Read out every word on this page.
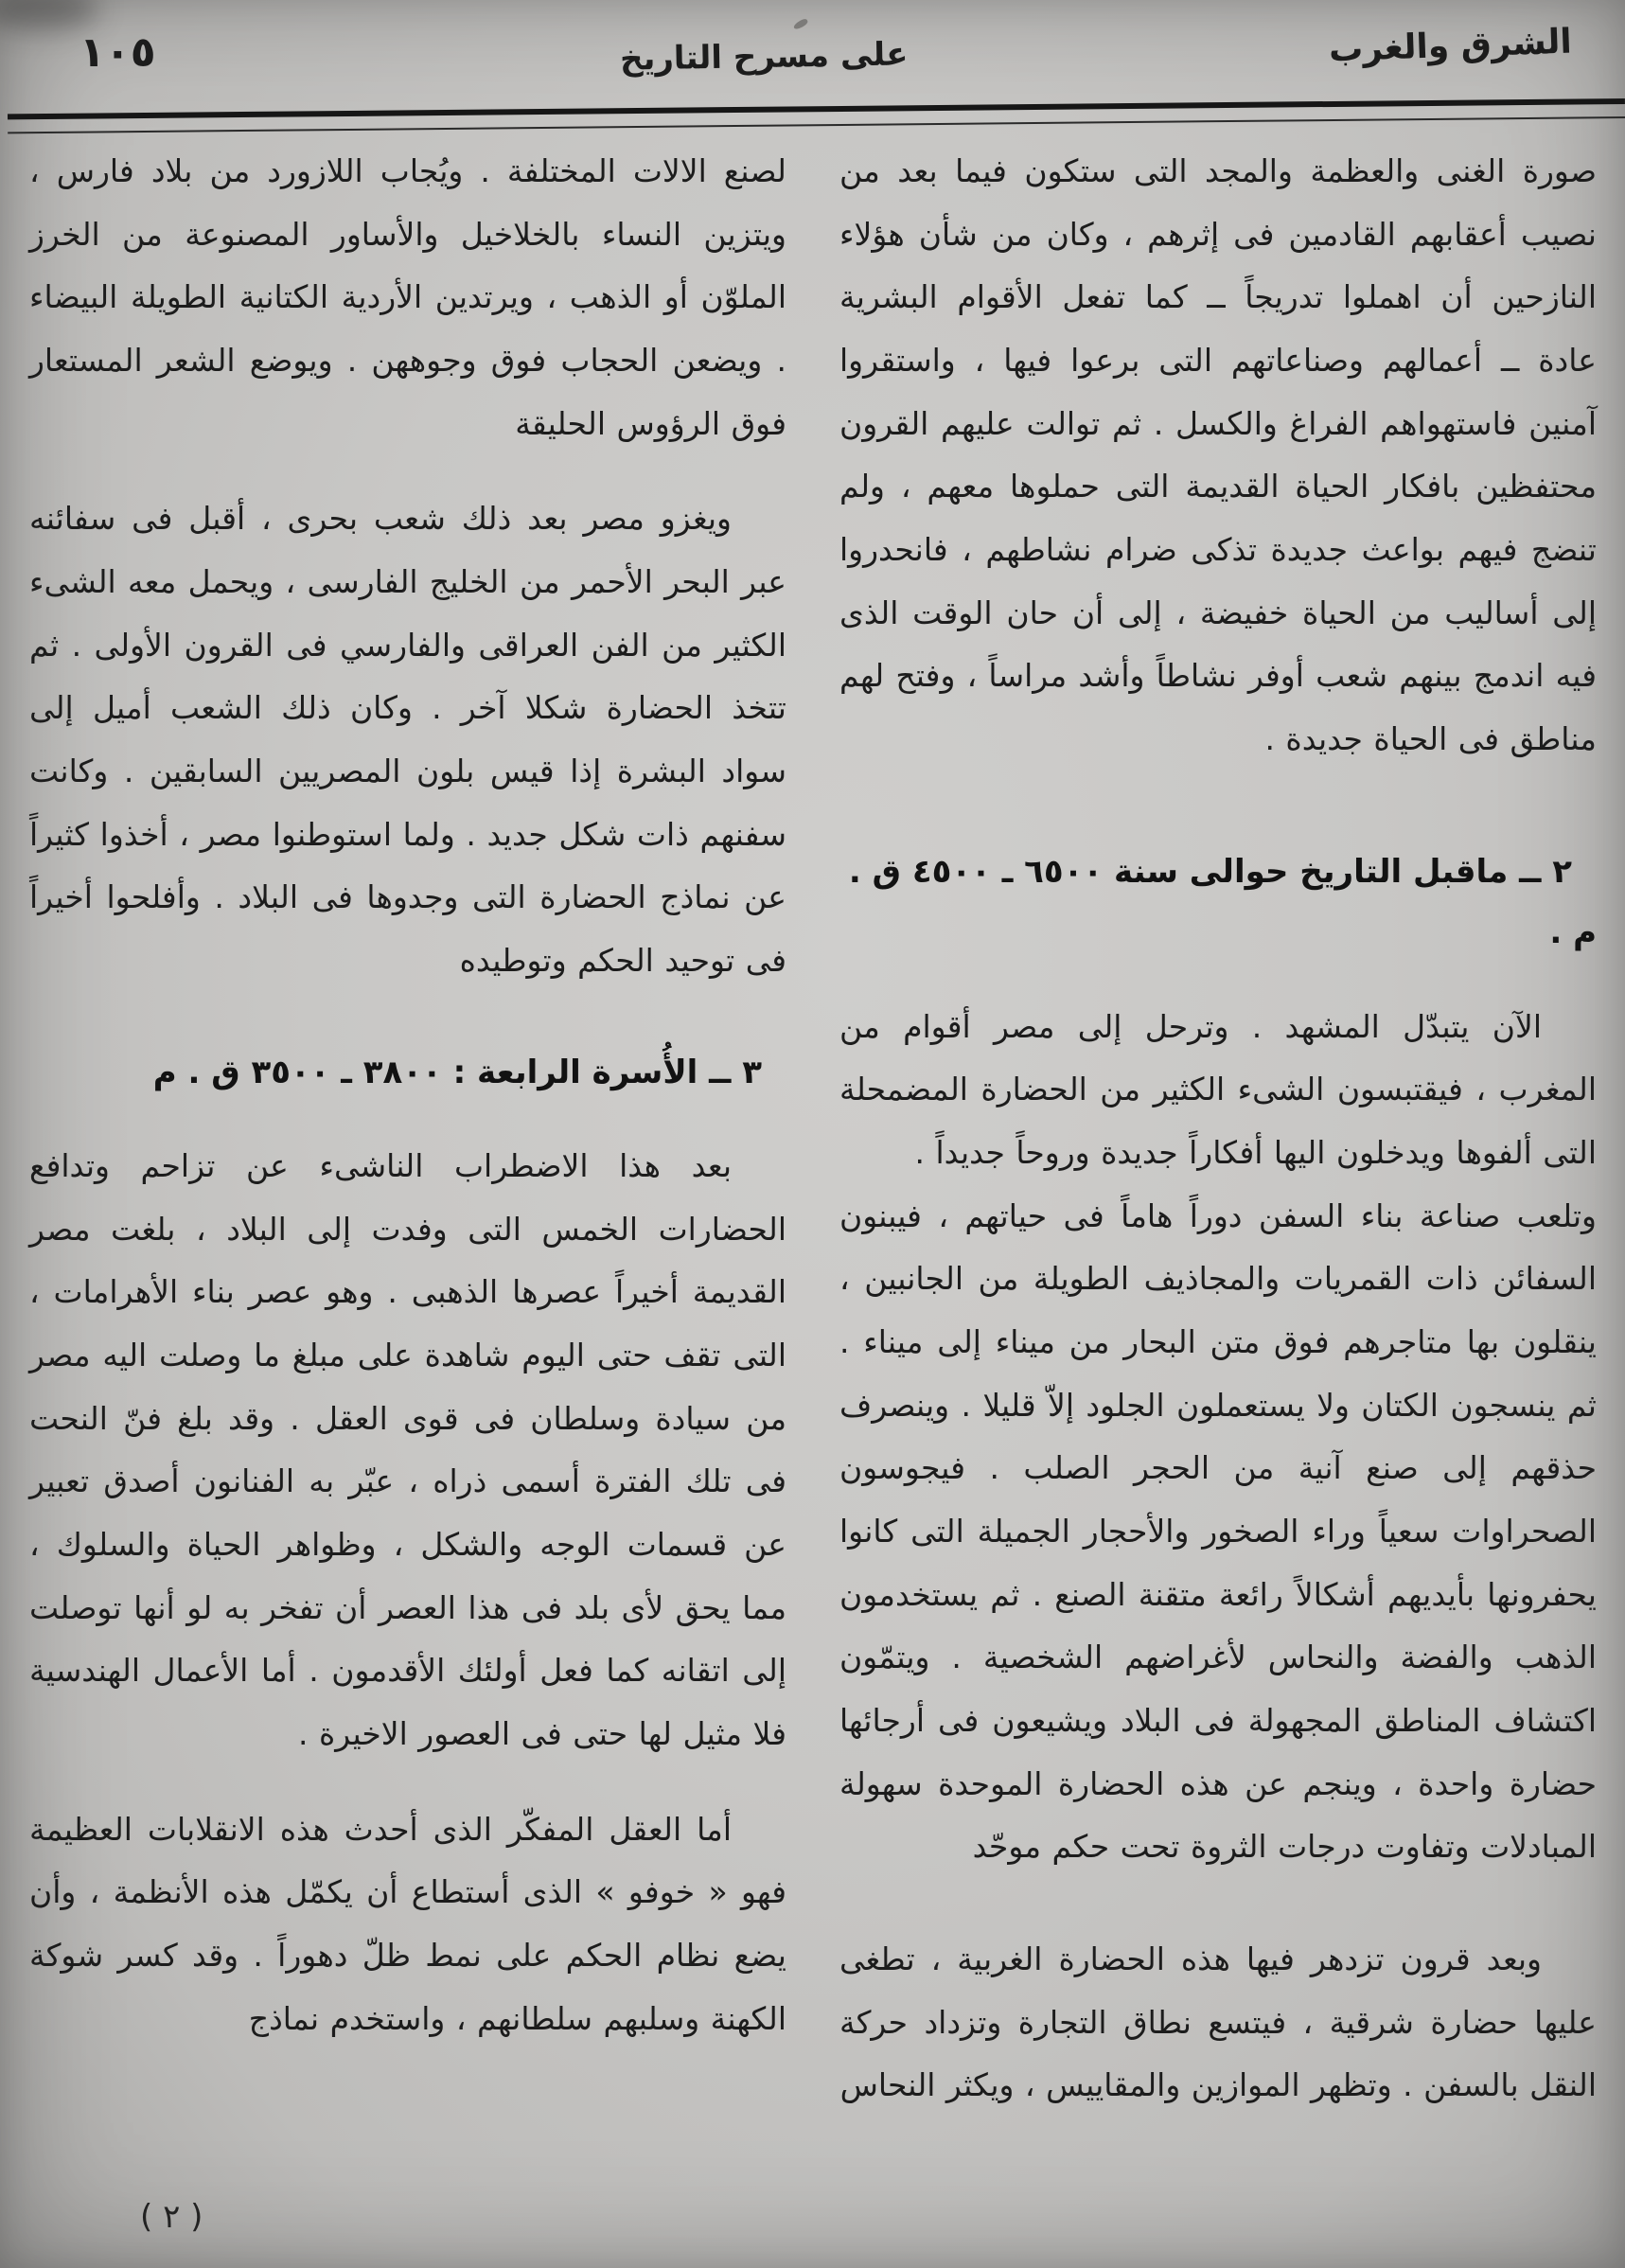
الشرق والغرب
على مسرح التاريخ
١٠٥

صورة الغنى والعظمة والمجد التى ستكون فيما بعد من نصيب أعقابهم القادمين فى إثرهم ، وكان من شأن هؤلاء النازحين أن اهملوا تدريجاً ــ كما تفعل الأقوام البشرية عادة ــ أعمالهم وصناعاتهم التى برعوا فيها ، واستقروا آمنين فاستهواهم الفراغ والكسل . ثم توالت عليهم القرون محتفظين بافكار الحياة القديمة التى حملوها معهم ، ولم تنضج فيهم بواعث جديدة تذكى ضرام نشاطهم ، فانحدروا إلى أساليب من الحياة خفيضة ، إلى أن حان الوقت الذى فيه اندمج بينهم شعب أوفر نشاطاً وأشد مراساً ، وفتح لهم مناطق فى الحياة جديدة .

٢ ــ ماقبل التاريخ حوالى سنة ٦٥٠٠ ـ ٤٥٠٠ ق . م .

الآن يتبدّل المشهد . وترحل إلى مصر أقوام من المغرب ، فيقتبسون الشىء الكثير من الحضارة المضمحلة التى ألفوها ويدخلون اليها أفكاراً جديدة وروحاً جديداً .

وتلعب صناعة بناء السفن دوراً هاماً فى حياتهم ، فيبنون السفائن ذات القمريات والمجاذيف الطويلة من الجانبين ، ينقلون بها متاجرهم فوق متن البحار من ميناء إلى ميناء . ثم ينسجون الكتان ولا يستعملون الجلود إلاّ قليلا . وينصرف حذقهم إلى صنع آنية من الحجر الصلب . فيجوسون الصحراوات سعياً وراء الصخور والأحجار الجميلة التى كانوا يحفرونها بأيديهم أشكالاً رائعة متقنة الصنع . ثم يستخدمون الذهب والفضة والنحاس لأغراضهم الشخصية . ويتمّون اكتشاف المناطق المجهولة فى البلاد ويشيعون فى أرجائها حضارة واحدة ، وينجم عن هذه الحضارة الموحدة سهولة المبادلات وتفاوت درجات الثروة تحت حكم موحّد

وبعد قرون تزدهر فيها هذه الحضارة الغربية ، تطغى عليها حضارة شرقية ، فيتسع نطاق التجارة وتزداد حركة النقل بالسفن . وتظهر الموازين والمقاييس ، ويكثر النحاس

لصنع الالات المختلفة . ويُجاب اللازورد من بلاد فارس ، ويتزين النساء بالخلاخيل والأساور المصنوعة من الخرز الملوّن أو الذهب ، ويرتدين الأردية الكتانية الطويلة البيضاء . ويضعن الحجاب فوق وجوههن . ويوضع الشعر المستعار فوق الرؤوس الحليقة

ويغزو مصر بعد ذلك شعب بحرى ، أقبل فى سفائنه عبر البحر الأحمر من الخليج الفارسى ، ويحمل معه الشىء الكثير من الفن العراقى والفارسي فى القرون الأولى . ثم تتخذ الحضارة شكلا آخر . وكان ذلك الشعب أميل إلى سواد البشرة إذا قيس بلون المصريين السابقين . وكانت سفنهم ذات شكل جديد . ولما استوطنوا مصر ، أخذوا كثيراً عن نماذج الحضارة التى وجدوها فى البلاد . وأفلحوا أخيراً فى توحيد الحكم وتوطيده

٣ ــ الأُسرة الرابعة : ٣٨٠٠ ـ ٣٥٠٠ ق . م

بعد هذا الاضطراب الناشىء عن تزاحم وتدافع الحضارات الخمس التى وفدت إلى البلاد ، بلغت مصر القديمة أخيراً عصرها الذهبى . وهو عصر بناء الأهرامات ، التى تقف حتى اليوم شاهدة على مبلغ ما وصلت اليه مصر من سيادة وسلطان فى قوى العقل . وقد بلغ فنّ النحت فى تلك الفترة أسمى ذراه ، عبّر به الفنانون أصدق تعبير عن قسمات الوجه والشكل ، وظواهر الحياة والسلوك ، مما يحق لأى بلد فى هذا العصر أن تفخر به لو أنها توصلت إلى اتقانه كما فعل أولئك الأقدمون . أما الأعمال الهندسية فلا مثيل لها حتى فى العصور الاخيرة .

أما العقل المفكّر الذى أحدث هذه الانقلابات العظيمة فهو « خوفو » الذى أستطاع أن يكمّل هذه الأنظمة ، وأن يضع نظام الحكم على نمط ظلّ دهوراً . وقد كسر شوكة الكهنة وسلبهم سلطانهم ، واستخدم نماذج

( ٢ )
